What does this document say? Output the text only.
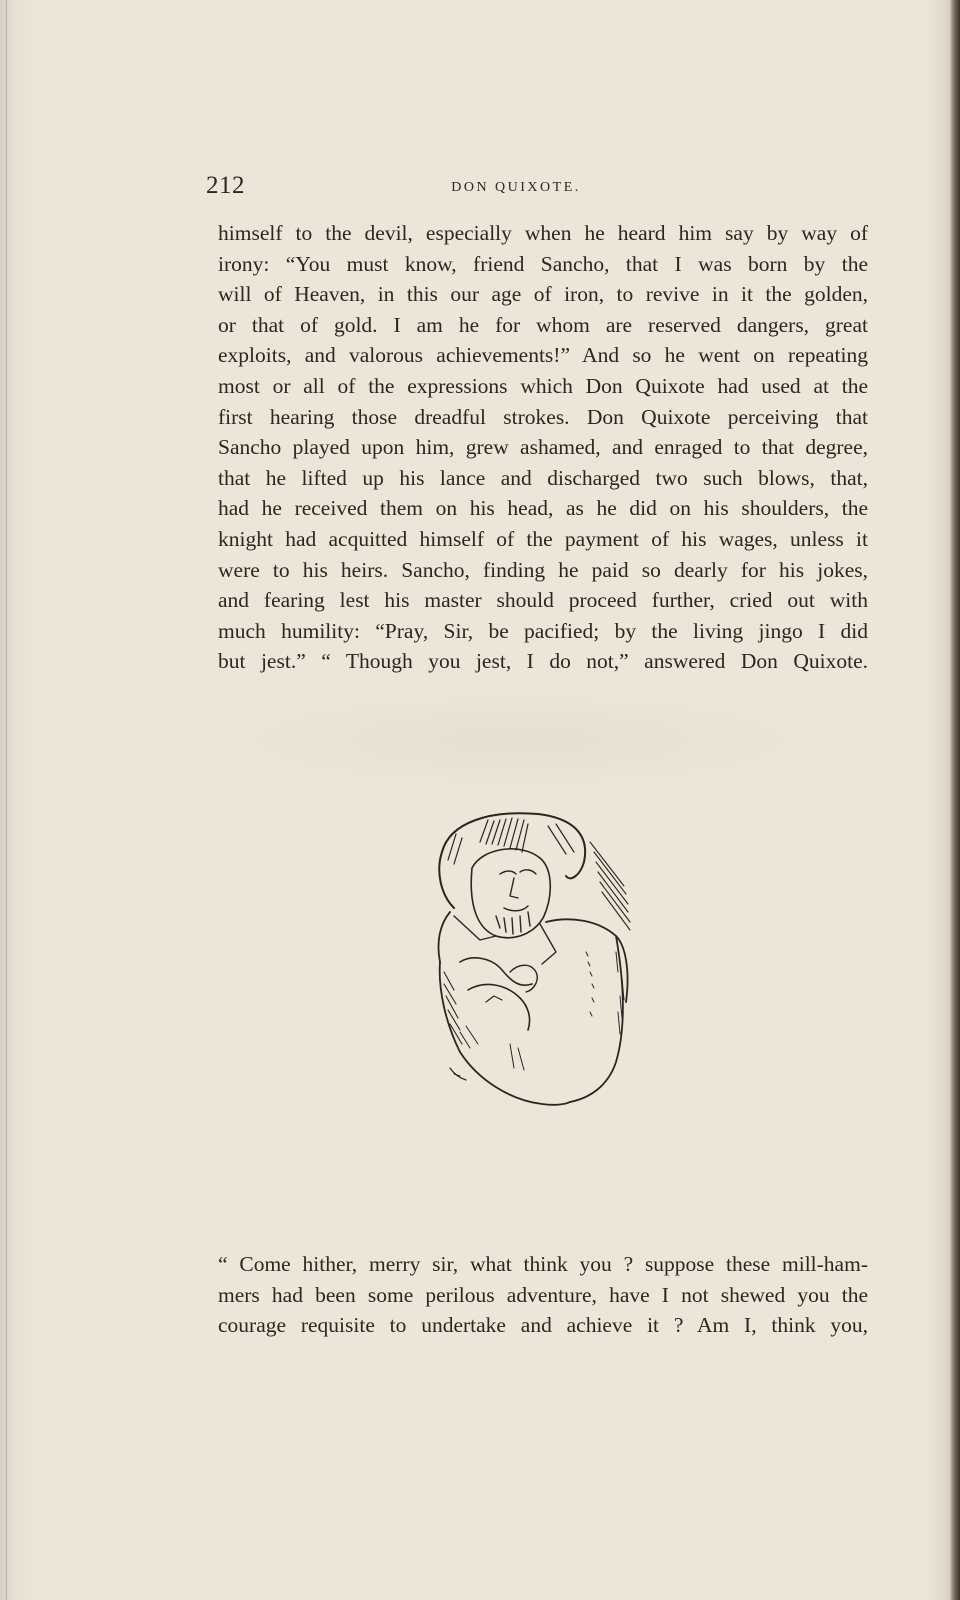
212	DON QUIXOTE.

himself to the devil, especially when he heard him say by way of

irony: “You must know, friend Sancho, that I was born by the

will of Heaven, in this our age of iron, to revive in it the golden,

or that of gold. I am he for whom are reserved dangers, great

exploits, and valorous achievements!” And so he went on repeating

most or all of the expressions which Don Quixote had used at the

first hearing those dreadful strokes. Don Quixote perceiving that

Sancho played upon him, grew ashamed, and enraged to that degree,

that he lifted up his lance and discharged two such blows, that,

had he received them on his head, as he did on his shoulders, the

knight had acquitted himself of the payment of his wages, unless it

were to his heirs. Sancho, finding he paid so dearly for his jokes,

and fearing lest his master should proceed further, cried out with

much humility: “Pray, Sir, be pacified; by the living jingo I did

but jest.” “ Though you jest, I do not,” answered Don Quixote.

“ Come hither, merry sir, what think you ? suppose these mill-ham-

mers had been some perilous adventure, have I not shewed you the

courage requisite to undertake and achieve it ? Am I, think you,
